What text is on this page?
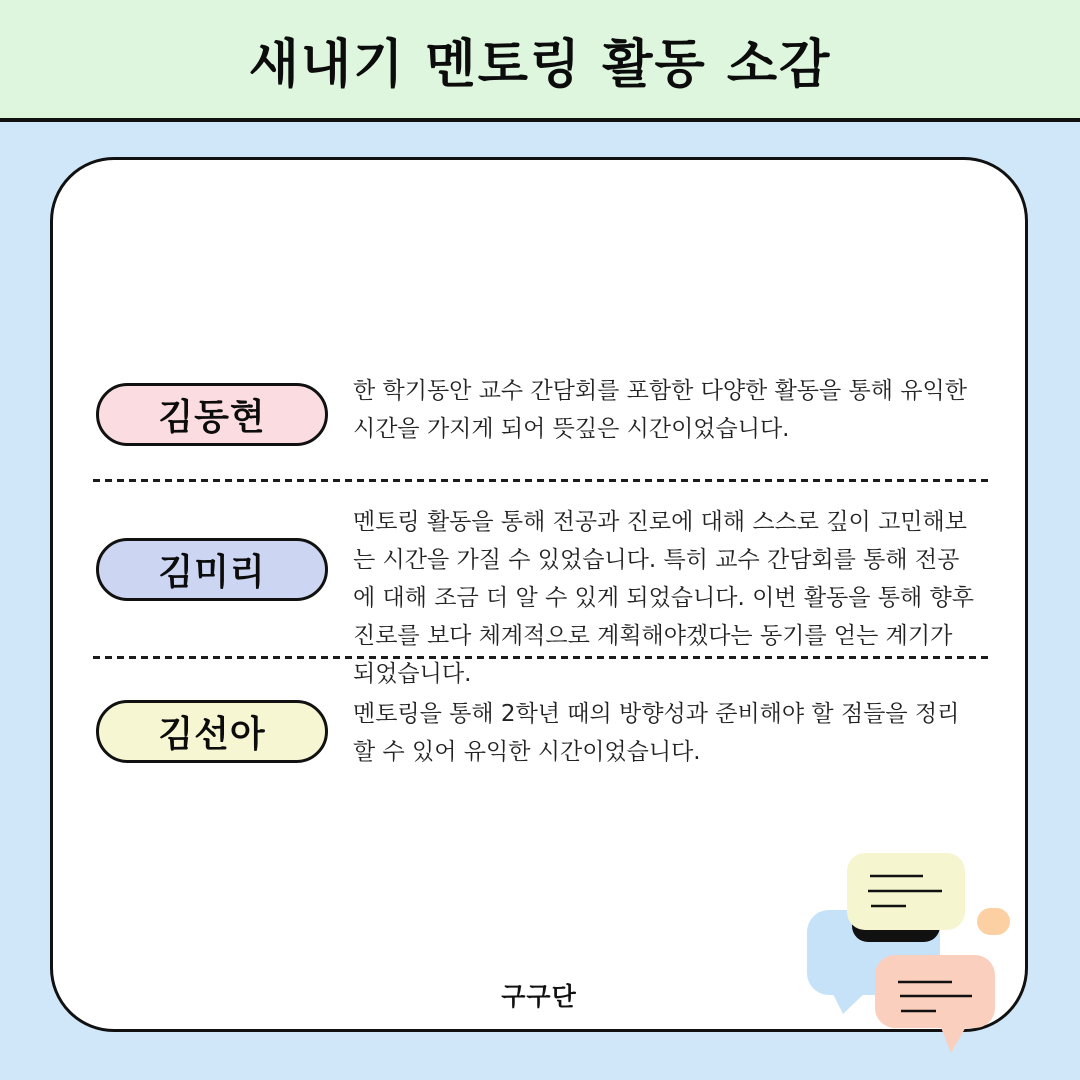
새내기 멘토링 활동 소감
김동현
한 학기동안 교수 간담회를 포함한 다양한 활동을 통해 유익한 시간을 가지게 되어 뜻깊은 시간이었습니다.
김미리
멘토링 활동을 통해 전공과 진로에 대해 스스로 깊이 고민해보는 시간을 가질 수 있었습니다. 특히 교수 간담회를 통해 전공에 대해 조금 더 알 수 있게 되었습니다. 이번 활동을 통해 향후 진로를 보다 체계적으로 계획해야겠다는 동기를 얻는 계기가 되었습니다.
김선아	멘토링을 통해 2학년 때의 방향성과 준비해야 할 점들을 정리할 수 있어 유익한 시간이었습니다.
구구단
